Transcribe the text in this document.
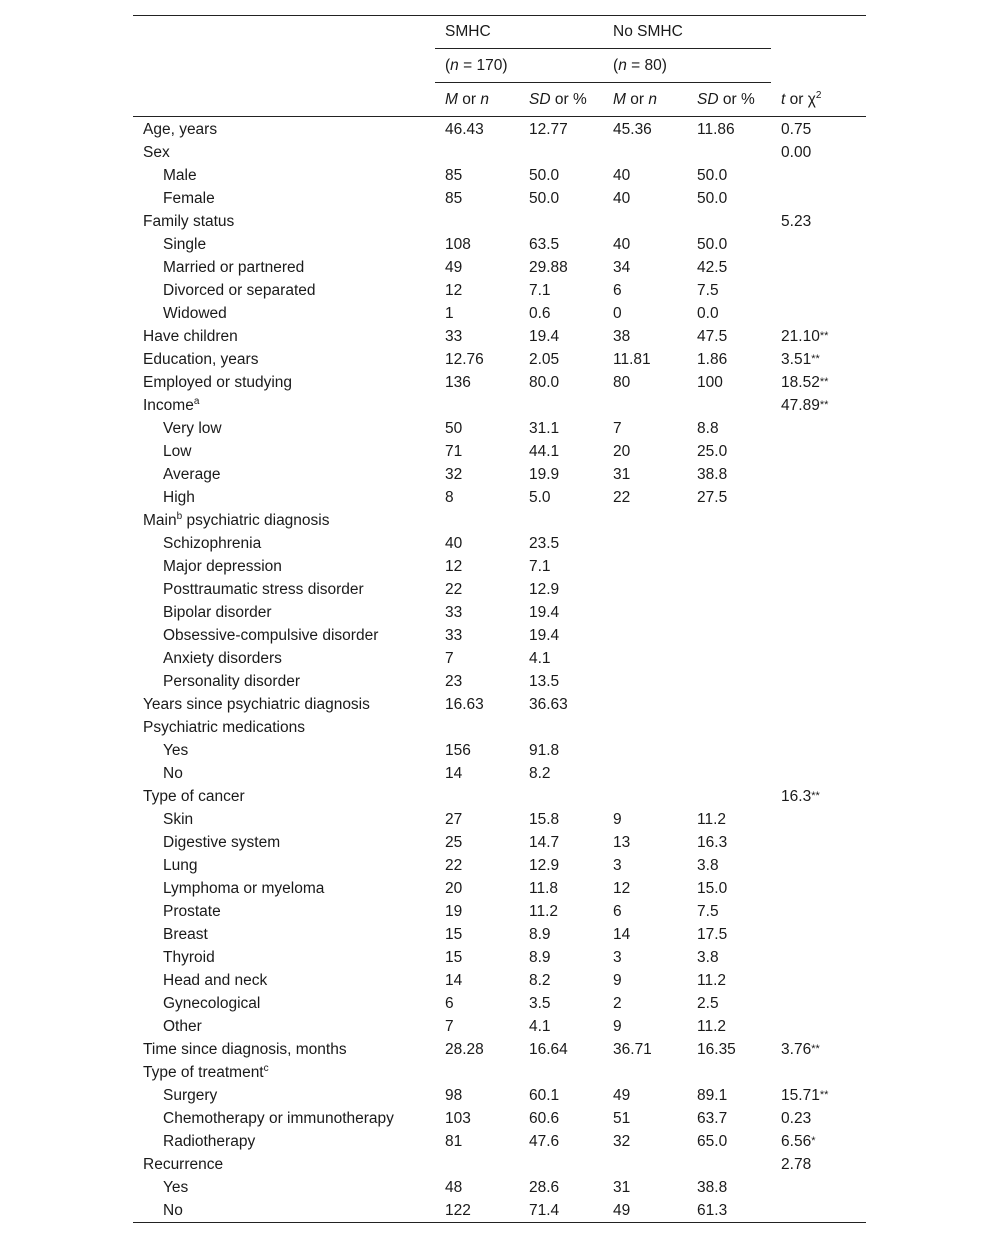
	SMHC		No SMHC		
	(n = 170)		(n = 80)		
	M or n	SD or %	M or n	SD or %	t or $\chi^2$
Age, years	46.43	12.77	45.36	11.86	0.75
Sex					0.00
Male	85	50.0	40	50.0	
Female	85	50.0	40	50.0	
Family status					5.23
Single	108	63.5	40	50.0	
Married or partnered	49	29.88	34	42.5	
Divorced or separated	12	7.1	6	7.5	
Widowed	1	0.6	0	0.0	
Have children	33	19.4	38	47.5	21.10**
Education, years	12.76	2.05	11.81	1.86	3.51**
Employed or studying	136	80.0	80	100	18.52**
Income$^a$					47.89**
Very low	50	31.1	7	8.8	
Low	71	44.1	20	25.0	
Average	32	19.9	31	38.8	
High	8	5.0	22	27.5	
Main$^b$ psychiatric diagnosis					
Schizophrenia	40	23.5			
Major depression	12	7.1			
Posttraumatic stress disorder	22	12.9			
Bipolar disorder	33	19.4			
Obsessive-compulsive disorder	33	19.4			
Anxiety disorders	7	4.1			
Personality disorder	23	13.5			
Years since psychiatric diagnosis	16.63	36.63			
Psychiatric medications					
Yes	156	91.8			
No	14	8.2			
Type of cancer					16.3**
Skin	27	15.8	9	11.2	
Digestive system	25	14.7	13	16.3	
Lung	22	12.9	3	3.8	
Lymphoma or myeloma	20	11.8	12	15.0	
Prostate	19	11.2	6	7.5	
Breast	15	8.9	14	17.5	
Thyroid	15	8.9	3	3.8	
Head and neck	14	8.2	9	11.2	
Gynecological	6	3.5	2	2.5	
Other	7	4.1	9	11.2	
Time since diagnosis, months	28.28	16.64	36.71	16.35	3.76**
Type of treatment$^c$					
Surgery	98	60.1	49	89.1	15.71**
Chemotherapy or immunotherapy	103	60.6	51	63.7	0.23
Radiotherapy	81	47.6	32	65.0	6.56*
Recurrence					2.78
Yes	48	28.6	31	38.8	
No	122	71.4	49	61.3	
